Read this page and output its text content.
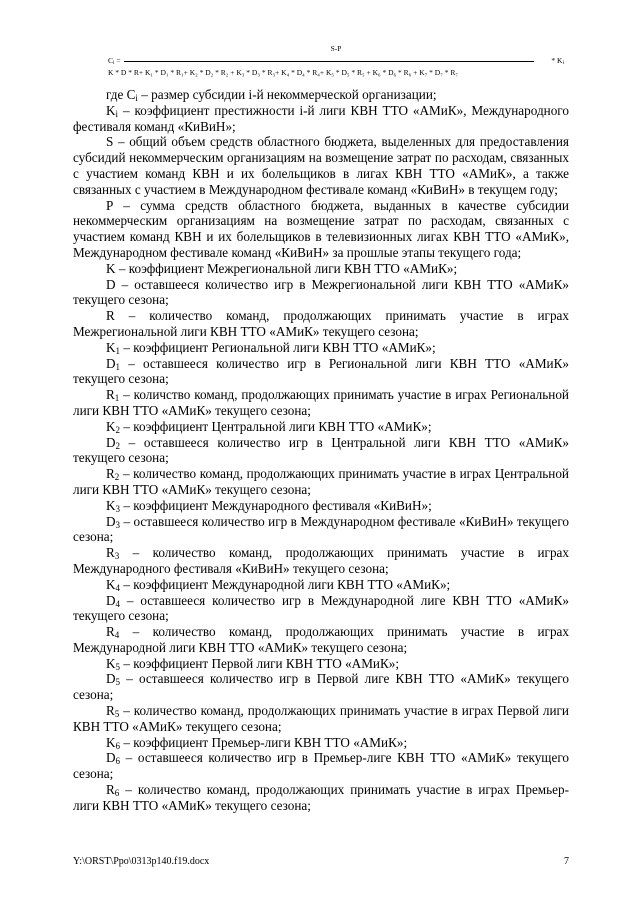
S-P
$C_i$ =	* $K_i$
K * D * R+ K₁ * D₁ * R₁+ K₂ * D₂ * R₂ + K₃ * D₃ * R₃+ K₄ * D₄ * R₄+ K₅ * D₅ * R₅ + K₆ * D₆ * R₆ + K₇ * D₇ * R₇

где $C_i$ – размер субсидии i-й некоммерческой организации;

$K_i$ – коэффициент престижности i-й лиги КВН ТТО «АМиК», Международного фестиваля команд «КиВиН»;

S – общий объем средств областного бюджета, выделенных для предоставления субсидий некоммерческим организациям на возмещение затрат по расходам, связанных с участием команд КВН и их болельщиков в лигах КВН ТТО «АМиК», а также связанных с участием в Международном фестивале команд «КиВиН» в текущем году;

P – сумма средств областного бюджета, выданных в качестве субсидии некоммерческим организациям на возмещение затрат по расходам, связанных с участием команд КВН и их болельщиков в телевизионных лигах КВН ТТО «АМиК», Международном фестивале команд «КиВиН» за прошлые этапы текущего года;

K – коэффициент Межрегиональной лиги КВН ТТО «АМиК»;

D – оставшееся количество игр в Межрегиональной лиги КВН ТТО «АМиК» текущего сезона;

R – количество команд, продолжающих принимать участие в играх Межрегиональной лиги КВН ТТО «АМиК» текущего сезона;

$K_1$ – коэффициент Региональной лиги КВН ТТО «АМиК»;

$D_1$ – оставшееся количество игр в Региональной лиги КВН ТТО «АМиК» текущего сезона;

$R_1$ – количство команд, продолжающих принимать участие в играх Региональной лиги КВН ТТО «АМиК» текущего сезона;

$K_2$ – коэффициент Центральной лиги КВН ТТО «АМиК»;

$D_2$ – оставшееся количество игр в Центральной лиги КВН ТТО «АМиК» текущего сезона;

$R_2$ – количество команд, продолжающих принимать участие в играх Центральной лиги КВН ТТО «АМиК» текущего сезона;

$K_3$ – коэффициент Международного фестиваля «КиВиН»;

$D_3$ – оставшееся количество игр в Международном фестивале «КиВиН» текущего сезона;

$R_3$ – количество команд, продолжающих принимать участие в играх Международного фестиваля «КиВиН» текущего сезона;

$K_4$ – коэффициент Международной лиги КВН ТТО «АМиК»;

$D_4$ – оставшееся количество игр в Международной лиге КВН ТТО «АМиК» текущего сезона;

$R_4$ – количество команд, продолжающих принимать участие в играх Международной лиги КВН ТТО «АМиК» текущего сезона;

$K_5$ – коэффициент Первой лиги КВН ТТО «АМиК»;

$D_5$ – оставшееся количество игр в Первой лиге КВН ТТО «АМиК» текущего сезона;

$R_5$ – количество команд, продолжающих принимать участие в играх Первой лиги КВН ТТО «АМиК» текущего сезона;

$K_6$ – коэффициент Премьер-лиги КВН ТТО «АМиК»;

$D_6$ – оставшееся количество игр в Премьер-лиге КВН ТТО «АМиК» текущего сезона;

$R_6$ – количество команд, продолжающих принимать участие в играх Премьер-лиги КВН ТТО «АМиК» текущего сезона;

Y:\ORST\Ppo\0313p140.f19.docx	7
